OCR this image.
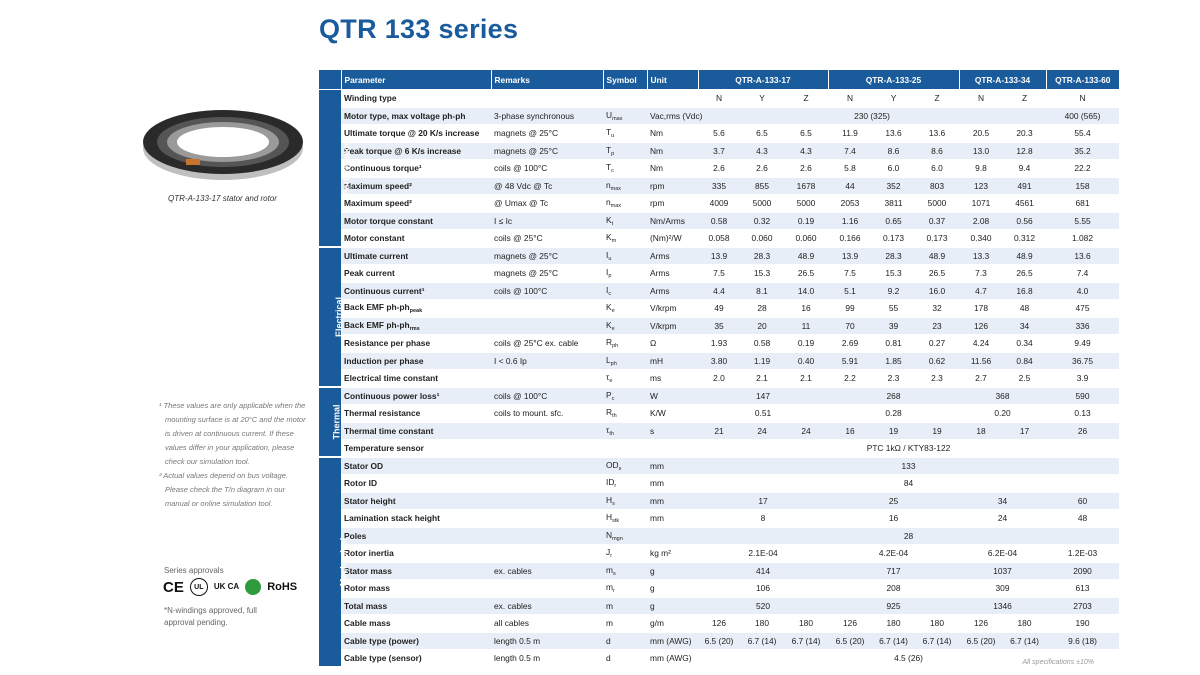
QTR 133 series
QTR-A-133-17 stator and rotor
¹ These values are only applicable when the mounting surface is at 20°C and the motor is driven at continuous current. If these values differ in your application, please check our simulation tool.
² Actual values depend on bus voltage. Please check the T/n diagram in our manual or online simulation tool.
Series approvals
CE	UL	UK CA	RoHS
*N-windings approved, full approval pending.
	Parameter	Remarks	Symbol	Unit	QTR-A-133-17			QTR-A-133-25			QTR-A-133-34		QTR-A-133-60
Performance	Winding type				N	Y	Z	N	Y	Z	N	Z	N
	Motor type, max voltage ph-ph	3-phase synchronous	$U_{max}$	Vac,rms (Vdc)	230 (325)								400 (565)
	Ultimate torque @ 20 K/s increase	magnets @ 25°C	$T_u$	Nm	5.6	6.5	6.5	11.9	13.6	13.6	20.5	20.3	55.4
	Peak torque @ 6 K/s increase	magnets @ 25°C	$T_p$	Nm	3.7	4.3	4.3	7.4	8.6	8.6	13.0	12.8	35.2
	Continuous torque¹	coils @ 100°C	$T_c$	Nm	2.6	2.6	2.6	5.8	6.0	6.0	9.8	9.4	22.2
	Maximum speed²	@ 48 Vdc @ Tc	$n_{max}$	rpm	335	855	1678	44	352	803	123	491	158
	Maximum speed²	@ Umax @ Tc	$n_{max}$	rpm	4009	5000	5000	2053	3811	5000	1071	4561	681
	Motor torque constant	I ≤ Ic	$K_t$	Nm/Arms	0.58	0.32	0.19	1.16	0.65	0.37	2.08	0.56	5.55
	Motor constant	coils @ 25°C	$K_m$	(Nm)²/W	0.058	0.060	0.060	0.166	0.173	0.173	0.340	0.312	1.082
Electrical	Ultimate current	magnets @ 25°C	$I_u$	Arms	13.9	28.3	48.9	13.9	28.3	48.9	13.3	48.9	13.6
	Peak current	magnets @ 25°C	$I_p$	Arms	7.5	15.3	26.5	7.5	15.3	26.5	7.3	26.5	7.4
	Continuous current¹	coils @ 100°C	$I_c$	Arms	4.4	8.1	14.0	5.1	9.2	16.0	4.7	16.8	4.0
	Back EMF $ph-ph_{peak}$		$K_e$	V/krpm	49	28	16	99	55	32	178	48	475
	Back EMF $ph-ph_{rms}$		$K_e$	V/krpm	35	20	11	70	39	23	126	34	336
	Resistance per phase	coils @ 25°C ex. cable	$R_{ph}$	Ω	1.93	0.58	0.19	2.69	0.81	0.27	4.24	0.34	9.49
	Induction per phase	I < 0.6 Ip	$L_{ph}$	mH	3.80	1.19	0.40	5.91	1.85	0.62	11.56	0.84	36.75
	Electrical time constant		$\tau_e$	ms	2.0	2.1	2.1	2.2	2.3	2.3	2.7	2.5	3.9
Thermal	Continuous power loss¹	coils @ 100°C	$P_c$	W	147			268			368		590
	Thermal resistance	coils to mount. sfc.	$R_{th}$	K/W	0.51			0.28			0.20		0.13
	Thermal time constant		$\tau_{th}$	s	21	24	24	16	19	19	18	17	26
	Temperature sensor				PTC 1kΩ / KTY83-122								
Mechanical	Stator OD		$OD_s$	mm	133								
	Rotor ID		$ID_r$	mm	84								
	Stator height		$H_s$	mm	17			25			34		60
	Lamination stack height		$H_{stk}$	mm	8			16			24		48
	Poles		$N_{mgn}$		28								
	Rotor inertia		$J_r$	kg m²	2.1E-04			4.2E-04			6.2E-04		1.2E-03
	Stator mass	ex. cables	$m_s$	g	414			717			1037		2090
	Rotor mass		$m_r$	g	106			208			309		613
	Total mass	ex. cables	m	g	520			925			1346		2703
	Cable mass	all cables	m	g/m	126	180	180	126	180	180	126	180	190
	Cable type (power)	length 0.5 m	d	mm (AWG)	6.5 (20)	6.7 (14)	6.7 (14)	6.5 (20)	6.7 (14)	6.7 (14)	6.5 (20)	6.7 (14)	9.6 (18)
	Cable type (sensor)	length 0.5 m	d	mm (AWG)	4.5 (26)									All specifications ±10%
